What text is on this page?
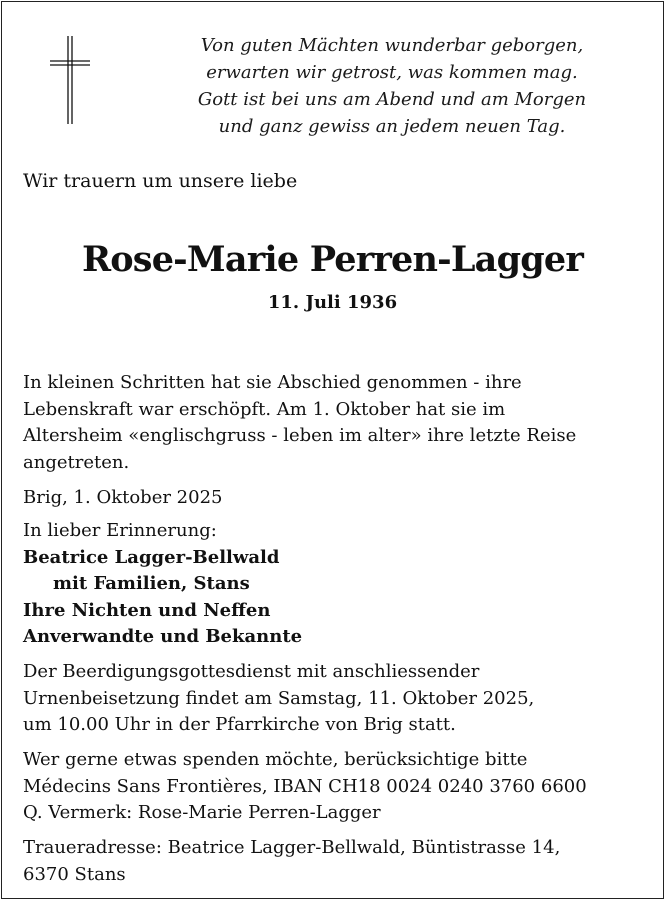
Von guten Mächten wunderbar geborgen,
erwarten wir getrost, was kommen mag.
Gott ist bei uns am Abend und am Morgen
und ganz gewiss an jedem neuen Tag.
Wir trauern um unsere liebe
Rose-Marie Perren-Lagger
11. Juli 1936
In kleinen Schritten hat sie Abschied genommen - ihre
Lebenskraft war erschöpft. Am 1. Oktober hat sie im
Altersheim «englischgruss - leben im alter» ihre letzte Reise
angetreten.
Brig, 1. Oktober 2025
In lieber Erinnerung:
Beatrice Lagger-Bellwald
mit Familien, Stans
Ihre Nichten und Neffen
Anverwandte und Bekannte
Der Beerdigungsgottesdienst mit anschliessender
Urnenbeisetzung findet am Samstag, 11. Oktober 2025,
um 10.00 Uhr in der Pfarrkirche von Brig statt.
Wer gerne etwas spenden möchte, berücksichtige bitte
Médecins Sans Frontières, IBAN CH18 0024 0240 3760 6600
Q. Vermerk: Rose-Marie Perren-Lagger
Traueradresse: Beatrice Lagger-Bellwald, Büntistrasse 14,
6370 Stans
